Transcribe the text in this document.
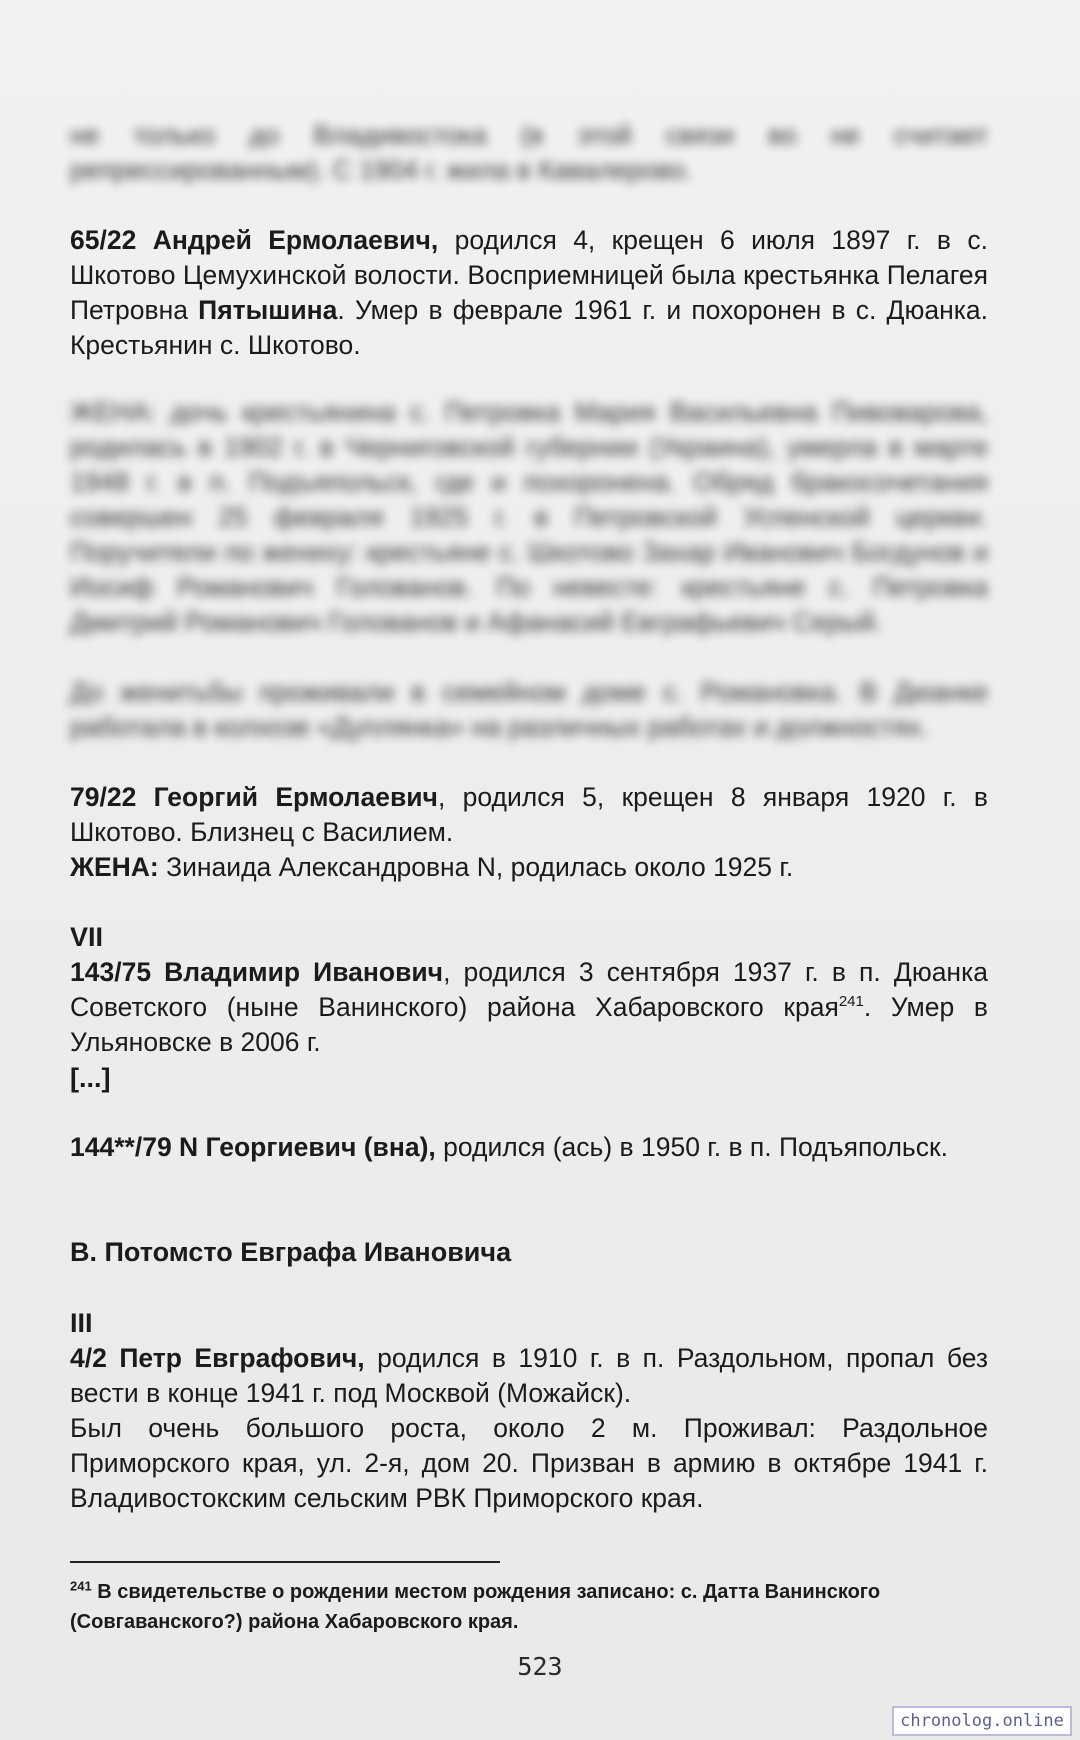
не только до Владивостока (в этой связи во не считает репрессированным). С 1904 г. жила в Кавалерово.

65/22 Андрей Ермолаевич, родился 4, крещен 6 июля 1897 г. в с. Шкотово Цемухинской волости. Восприемницей была крестьянка Пелагея Петровна Пятышина. Умер в феврале 1961 г. и похоронен в с. Дюанка. Крестьянин с. Шкотово.

ЖЕНА: дочь крестьянина с. Петровка Мария Васильевна Пивоварова, родилась в 1902 г. в Черниговской губернии (Украина), умерла в марте 1948 г. в п. Подъяпольск, где и похоронена. Обряд бракосочетания совершен 25 февраля 1925 г. в Петровской Успенской церкви. Поручители по жениху: крестьяне с. Шкотово Захар Иванович Богдунов и Иосиф Романович Голованов. По невесте: крестьяне с. Петровка Дмитрий Романович Голованов и Афанасий Евграфьевич Серый.

До женитьбы проживали в семейном доме с. Романовка. В Дюанке работала в колхозе «Дуплянка» на различных работах и должностях.

79/22 Георгий Ермолаевич, родился 5, крещен 8 января 1920 г. в Шкотово. Близнец с Василием.

ЖЕНА: Зинаида Александровна N, родилась около 1925 г.

VII

143/75 Владимир Иванович, родился 3 сентября 1937 г. в п. Дюанка Советского (ныне Ванинского) района Хабаровского края$^{241}$. Умер в Ульяновске в 2006 г.

[...]

144**/79 N Георгиевич (вна), родился (ась) в 1950 г. в п. Подъяпольск.

В. Потомсто Евграфа Ивановича

III

4/2 Петр Евграфович, родился в 1910 г. в п. Раздольном, пропал без вести в конце 1941 г. под Москвой (Можайск).

Был очень большого роста, около 2 м. Проживал: Раздольное Приморского края, ул. 2-я, дом 20. Призван в армию в октябре 1941 г. Владивостокским сельским РВК Приморского края.

$^{241}$ В свидетельстве о рождении местом рождения записано: с. Датта Ванинского (Совгаванского?) района Хабаровского края.

523
chronolog.online
